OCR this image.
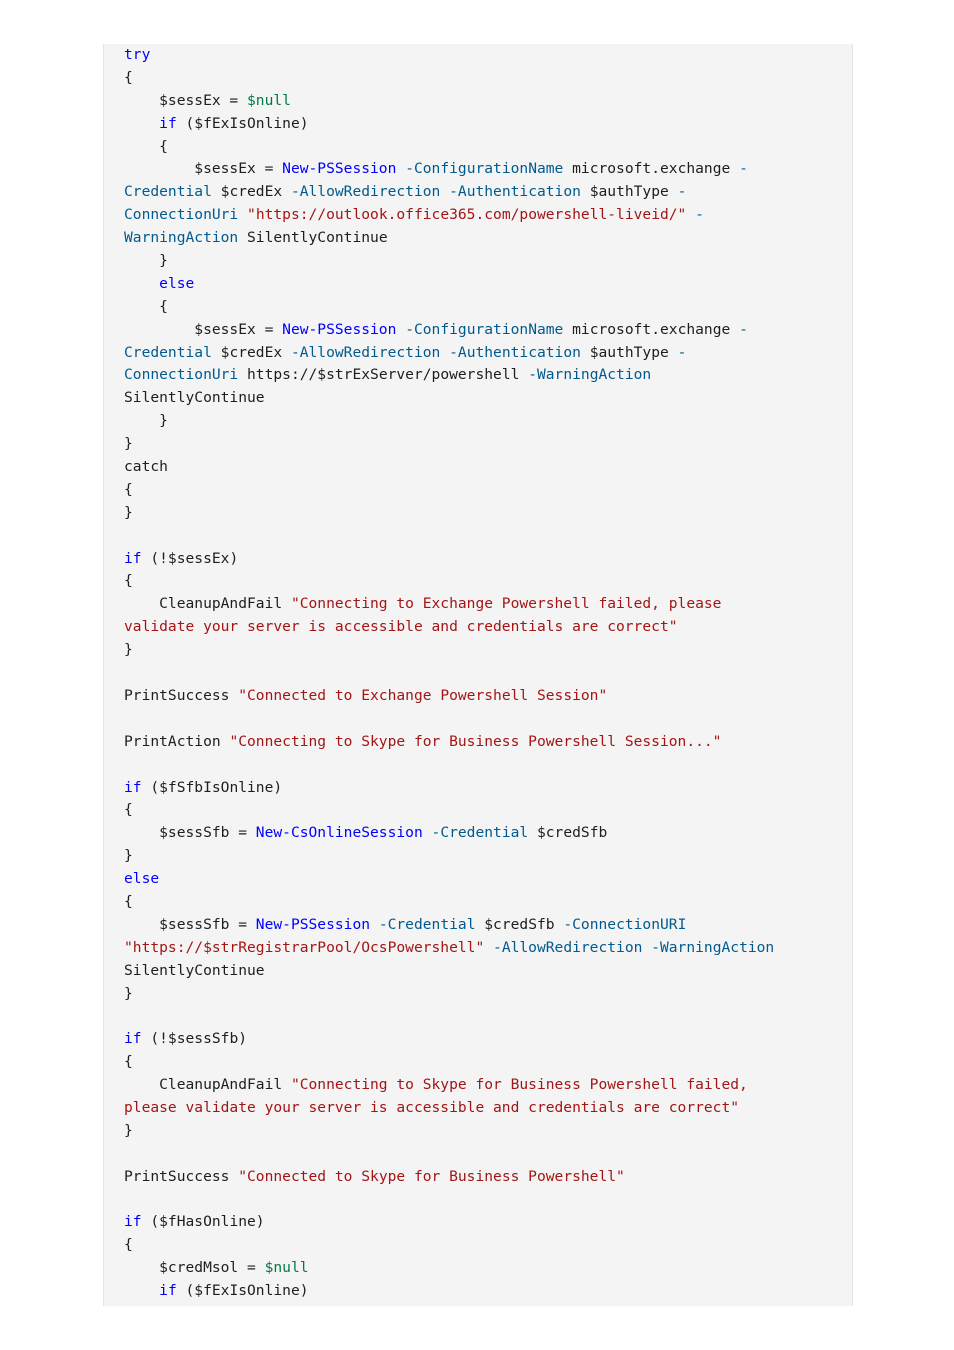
try
{
$sessEx = $null
if ($fExIsOnline)
{
$sessEx = New-PSSession -ConfigurationName microsoft.exchange -
Credential $credEx -AllowRedirection -Authentication $authType -
ConnectionUri "https://outlook.office365.com/powershell-liveid/" -
WarningAction SilentlyContinue
}
else
{
$sessEx = New-PSSession -ConfigurationName microsoft.exchange -
Credential $credEx -AllowRedirection -Authentication $authType -
ConnectionUri https://$strExServer/powershell -WarningAction
SilentlyContinue
}
}
catch
{
}
if (!$sessEx)
{
CleanupAndFail "Connecting to Exchange Powershell failed, please
validate your server is accessible and credentials are correct"
}
PrintSuccess "Connected to Exchange Powershell Session"
PrintAction "Connecting to Skype for Business Powershell Session..."
if ($fSfbIsOnline)
{
$sessSfb = New-CsOnlineSession -Credential $credSfb
}
else
{
$sessSfb = New-PSSession -Credential $credSfb -ConnectionURI
"https://$strRegistrarPool/OcsPowershell" -AllowRedirection -WarningAction
SilentlyContinue
}
if (!$sessSfb)
{
CleanupAndFail "Connecting to Skype for Business Powershell failed,
please validate your server is accessible and credentials are correct"
}
PrintSuccess "Connected to Skype for Business Powershell"
if ($fHasOnline)
{
$credMsol = $null
if ($fExIsOnline)
